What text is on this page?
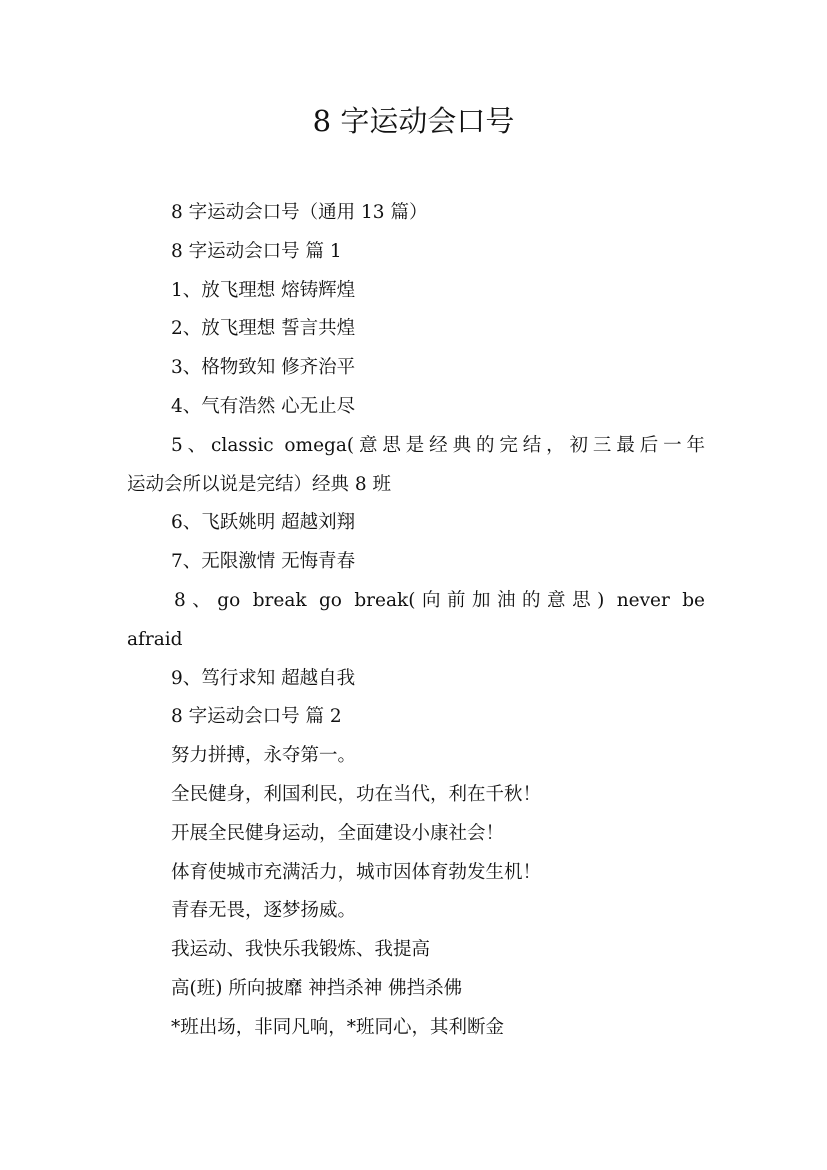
8 字运动会口号

8 字运动会口号（通用 13 篇）

8 字运动会口号 篇 1

1、放飞理想 熔铸辉煌

2、放飞理想 誓言共煌

3、格物致知 修齐治平

4、气有浩然 心无止尽

5、classic omega(意思是经典的完结，初三最后一年

运动会所以说是完结）经典 8 班

6、飞跃姚明 超越刘翔

7、无限激情 无悔青春

8、go break go break(向前加油的意思) never be

afraid

9、笃行求知 超越自我

8 字运动会口号 篇 2

努力拼搏，永夺第一。

全民健身，利国利民，功在当代，利在千秋！

开展全民健身运动，全面建设小康社会！

体育使城市充满活力，城市因体育勃发生机！

青春无畏，逐梦扬威。

我运动、我快乐我锻炼、我提高

高(班) 所向披靡 神挡杀神 佛挡杀佛

*班出场，非同凡响，*班同心，其利断金
